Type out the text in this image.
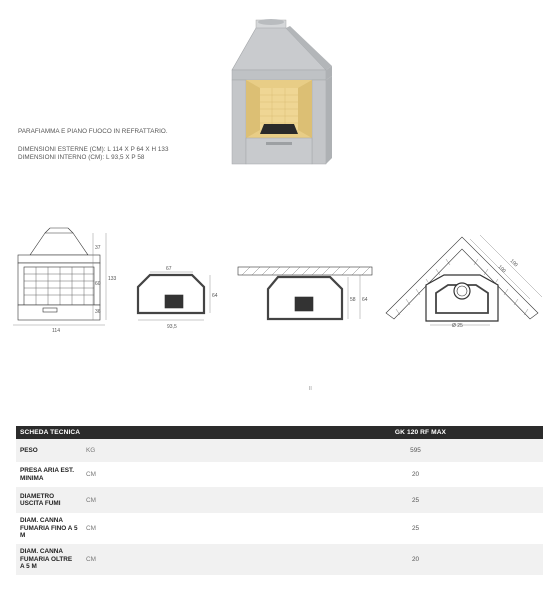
PARAFIAMMA E PIANO FUOCO IN REFRATTARIO.
DIMENSIONI ESTERNE (CM): L 114 X P 64 X H 133
DIMENSIONI INTERNO (CM): L 93,5 X P 58
37
60
36
133
114
67
93,5
64
58 64
100
100
Ø 25
II
SCHEDA TECNICA		GK 120 RF MAX
PESO	KG	595
PRESA ARIA EST. MINIMA	CM	20
DIAMETRO USCITA FUMI	CM	25
DIAM. CANNA FUMARIA FINO A 5 M	CM	25
DIAM. CANNA FUMARIA OLTRE A 5 M	CM	20
